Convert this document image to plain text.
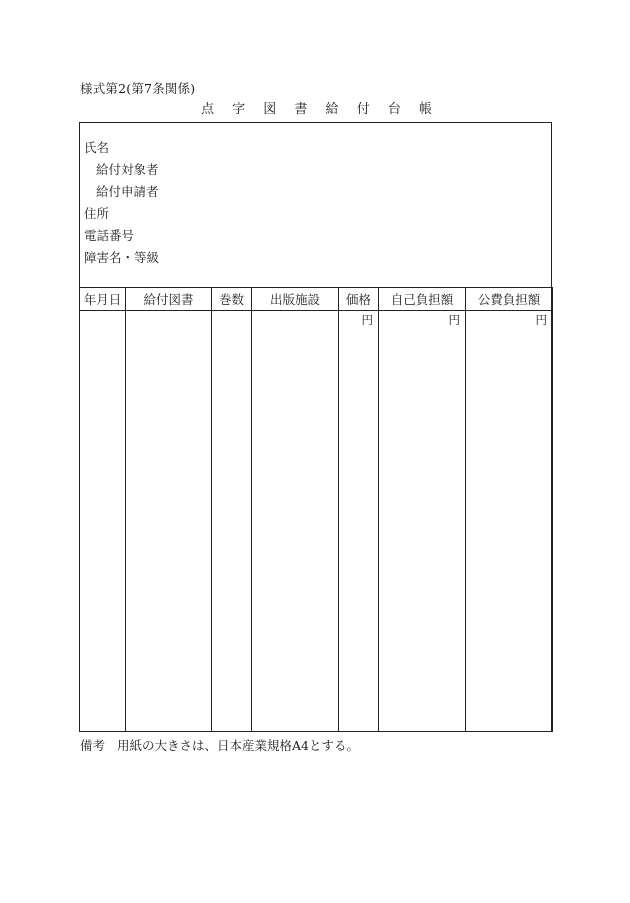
様式第2(第7条関係)
点 字 図 書 給 付 台 帳
氏名
給付対象者
給付申請者
住所
電話番号
障害名・等級
年月日	給付図書	巻数	出版施設	価格	自己負担額	公費負担額
				円	円	円
備考 用紙の大きさは、日本産業規格A4とする。
